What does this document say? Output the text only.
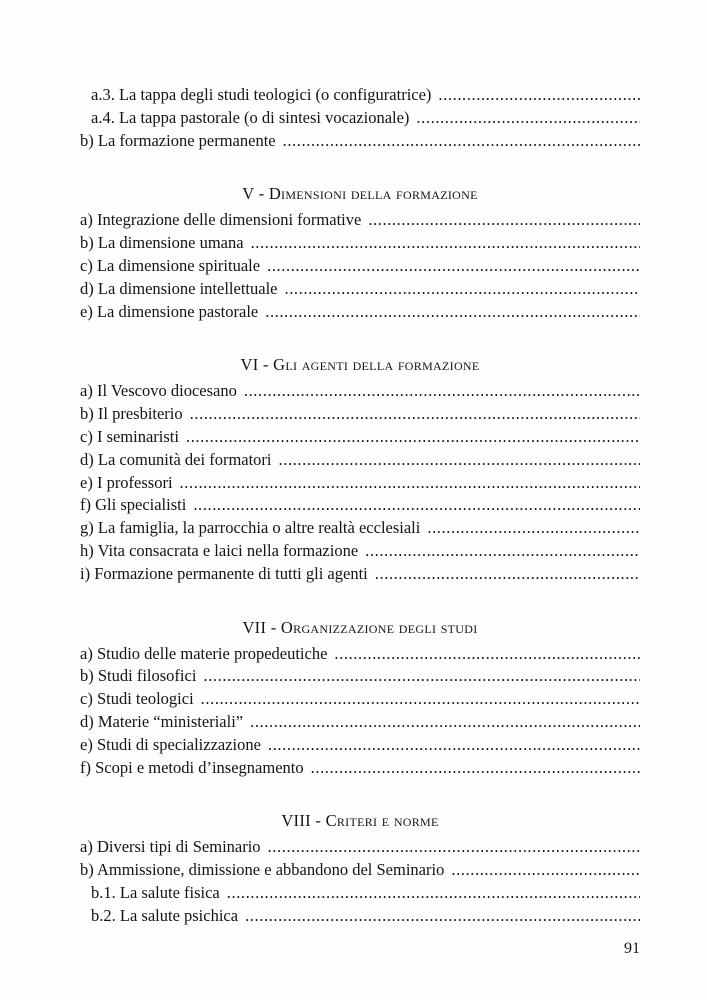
a.3. La tappa degli studi teologici (o configuratrice)
.....
a.4. La tappa pastorale (o di sintesi vocazionale)
.....
b) La formazione permanente
.....
V - Dimensioni della formazione
a) Integrazione delle dimensioni formative
.....
b) La dimensione umana
.....
c) La dimensione spirituale
.....
d) La dimensione intellettuale
.....
e) La dimensione pastorale
.....
VI - Gli agenti della formazione
a) Il Vescovo diocesano
.....
b) Il presbiterio
.....
c) I seminaristi
.....
d) La comunità dei formatori
.....
e) I professori
.....
f) Gli specialisti
.....
g) La famiglia, la parrocchia o altre realtà ecclesiali
.....
h) Vita consacrata e laici nella formazione
.....
i) Formazione permanente di tutti gli agenti
.....
VII - Organizzazione degli studi
a) Studio delle materie propedeutiche
.....
b) Studi filosofici
.....
c) Studi teologici
.....
d) Materie “ministeriali”
.....
e) Studi di specializzazione
.....
f) Scopi e metodi d’insegnamento
.....
VIII - Criteri e norme
a) Diversi tipi di Seminario
.....
b) Ammissione, dimissione e abbandono del Seminario
.....
b.1. La salute fisica
.....
b.2. La salute psichica
.....
91
